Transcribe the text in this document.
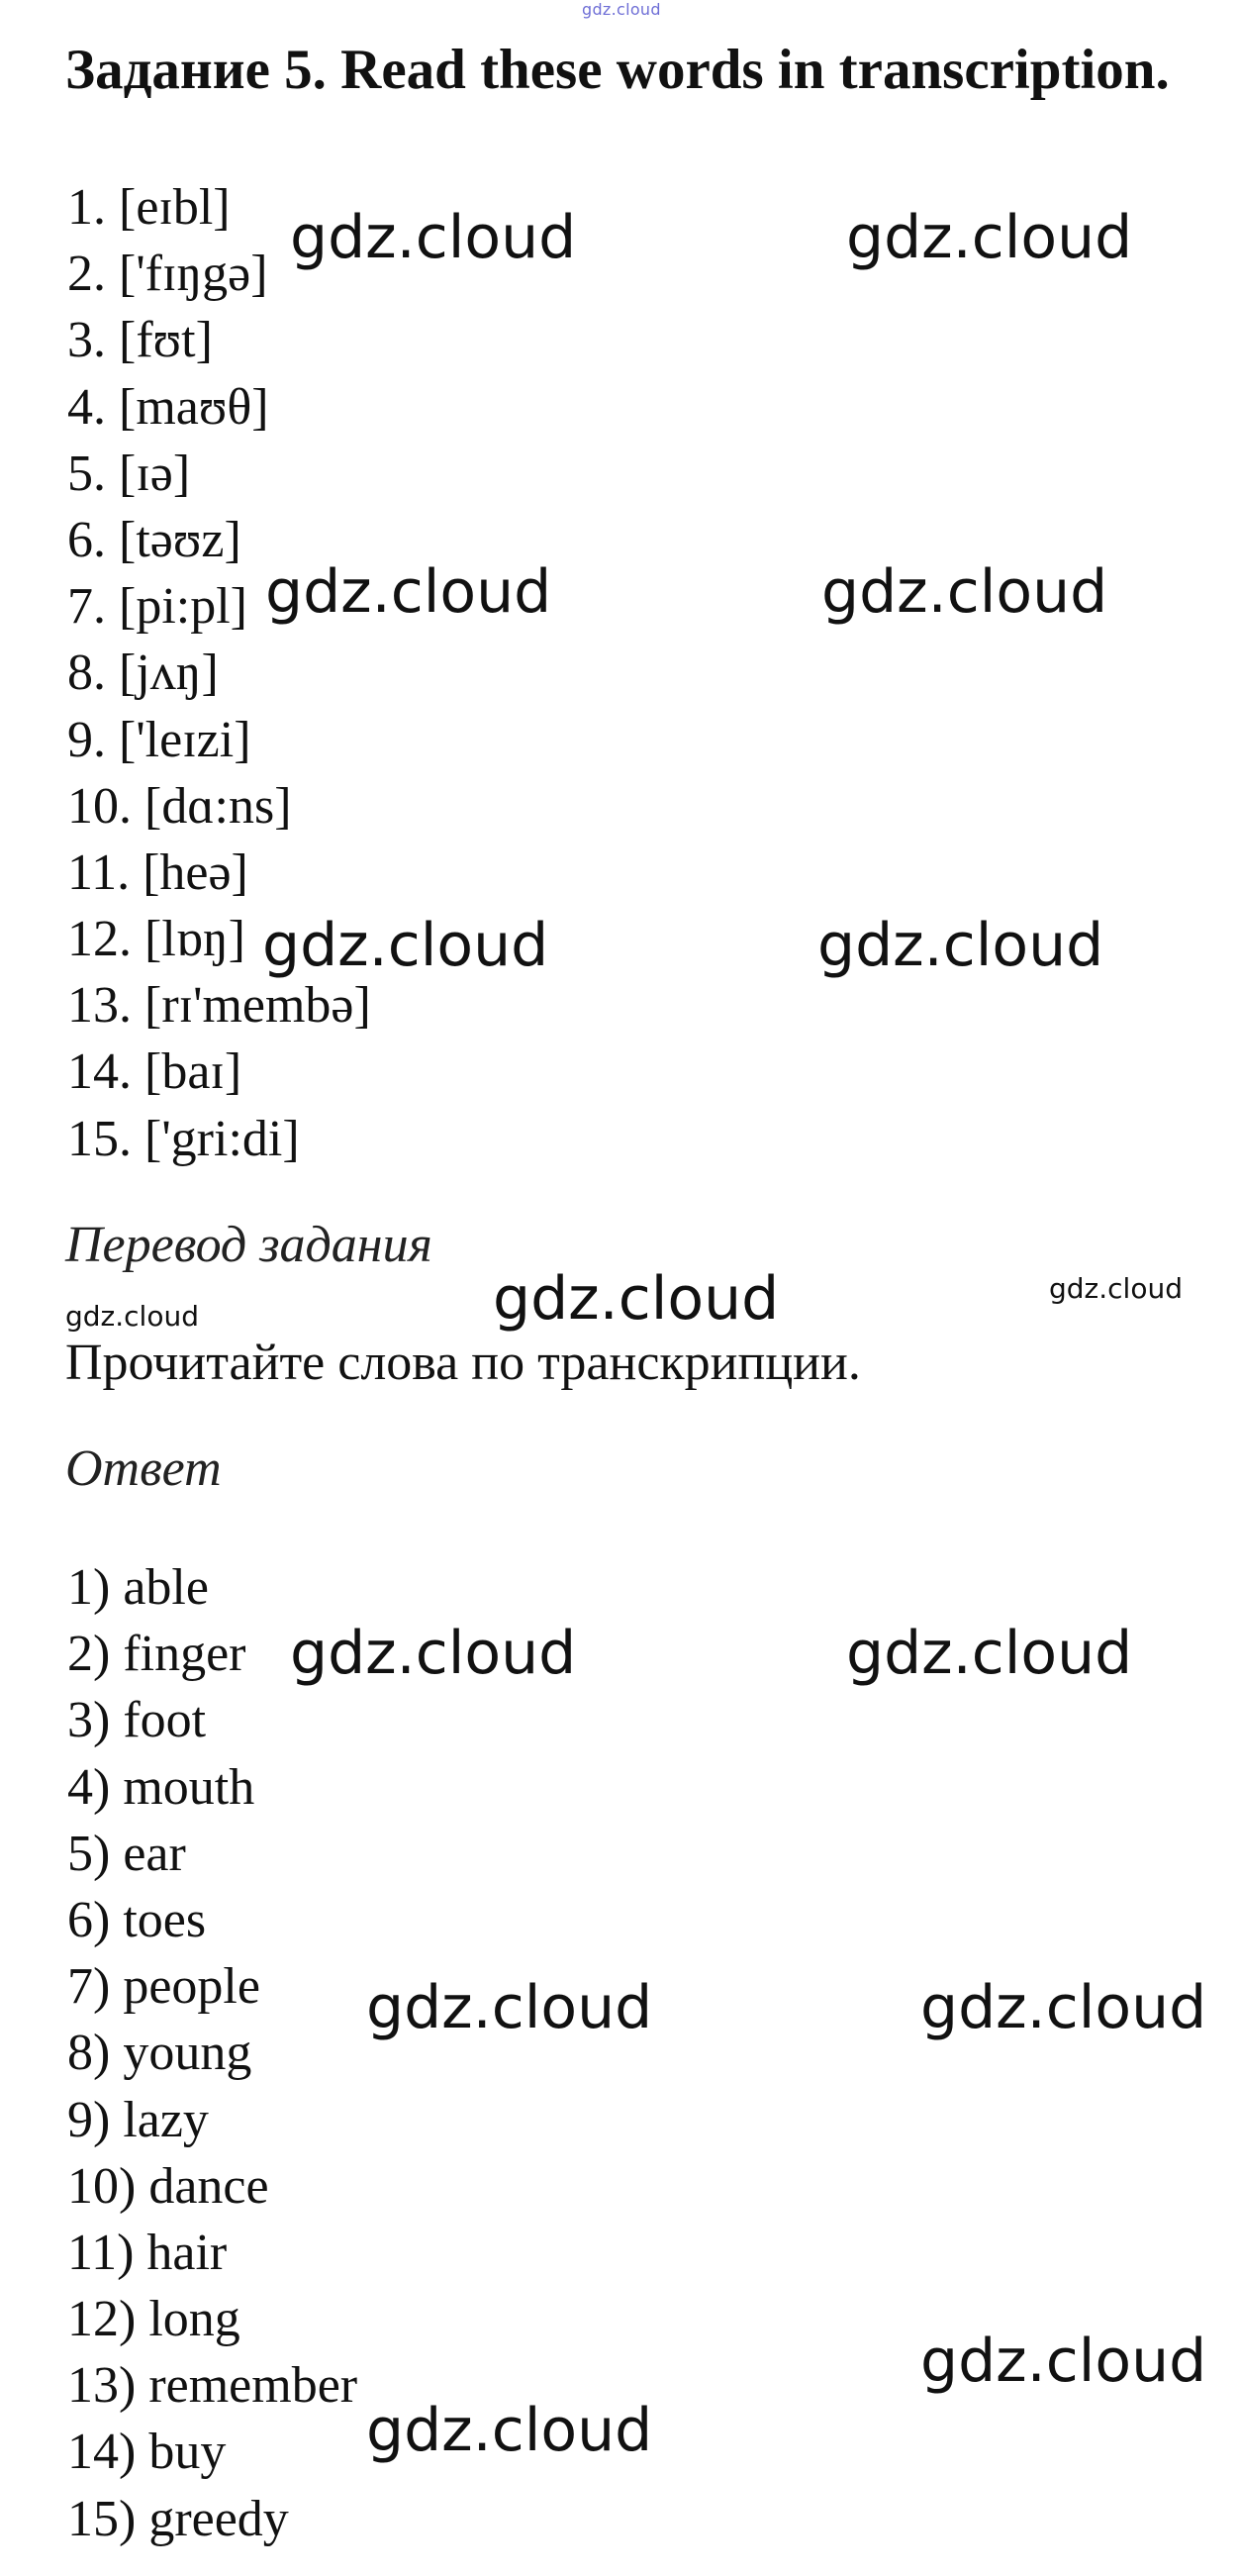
gdz.cloud
Задание 5. Read these words in transcription.
1. [eɪbl]
2. ['fɪŋgə]
3. [fʊt]
4. [maʊθ]
5. [ɪə]
6. [təʊz]
7. [pi:pl]
8. [jʌŋ]
9. ['leɪzi]
10. [dɑ:ns]
11. [heə]
12. [lɒŋ]
13. [rɪ'membə]
14. [baɪ]
15. ['gri:di]
Перевод задания

Прочитайте слова по транскрипции.

Ответ
1) able
2) finger
3) foot
4) mouth
5) ear
6) toes
7) people
8) young
9) lazy
10) dance
11) hair
12) long
13) remember
14) buy
15) greedy
gdz.cloud	gdz.cloud
gdz.cloud	gdz.cloud
gdz.cloud	gdz.cloud
gdz.cloud
gdz.cloud
gdz.cloud
gdz.cloud	gdz.cloud
gdz.cloud	gdz.cloud
gdz.cloud
gdz.cloud
